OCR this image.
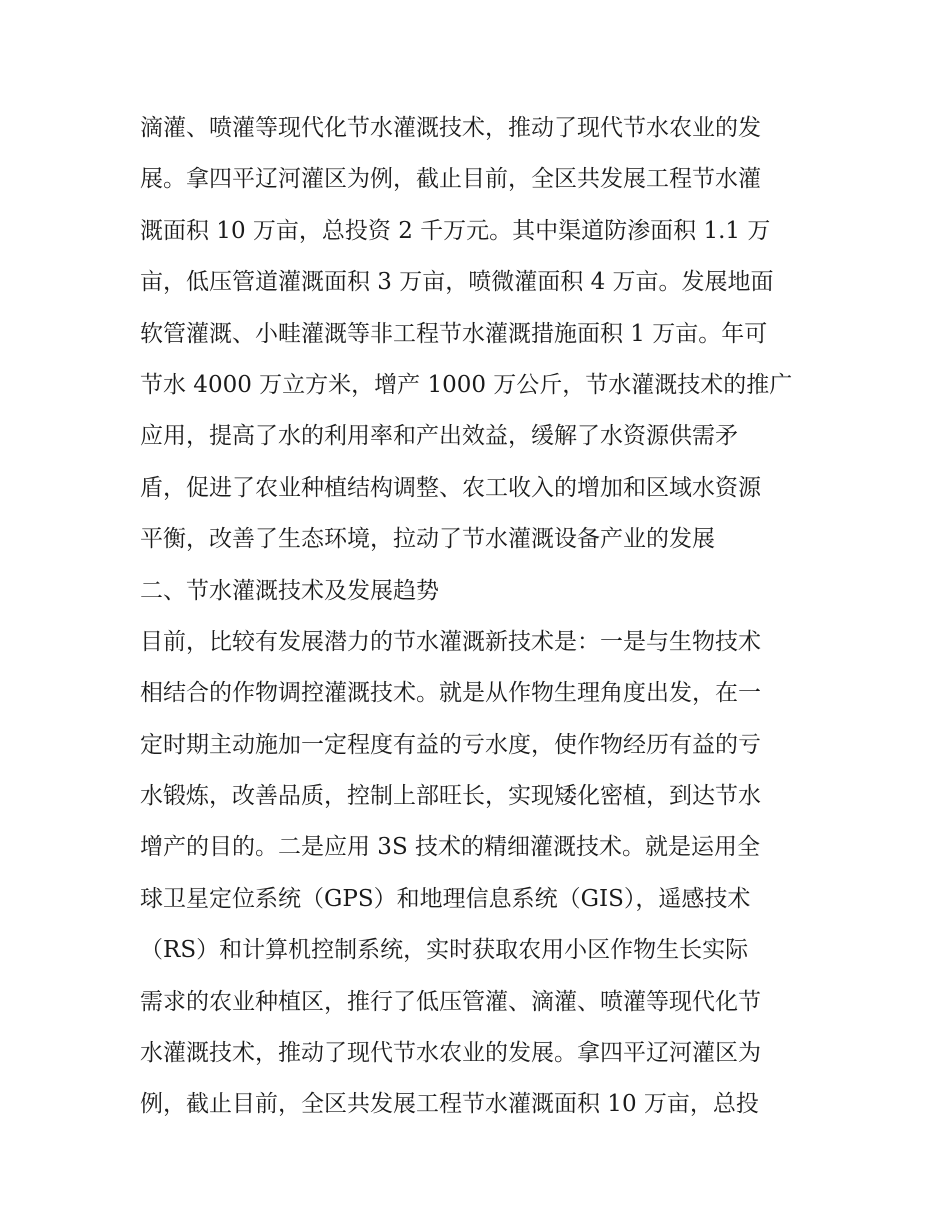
滴灌、喷灌等现代化节水灌溉技术，推动了现代节水农业的发
展。拿四平辽河灌区为例，截止目前，全区共发展工程节水灌
溉面积 10 万亩，总投资 2 千万元。其中渠道防渗面积 1.1 万
亩，低压管道灌溉面积 3 万亩，喷微灌面积 4 万亩。发展地面
软管灌溉、小畦灌溉等非工程节水灌溉措施面积 1 万亩。年可
节水 4000 万立方米，增产 1000 万公斤，节水灌溉技术的推广
应用，提高了水的利用率和产出效益，缓解了水资源供需矛
盾，促进了农业种植结构调整、农工收入的增加和区域水资源
平衡，改善了生态环境，拉动了节水灌溉设备产业的发展
二、节水灌溉技术及发展趋势
目前，比较有发展潜力的节水灌溉新技术是：一是与生物技术
相结合的作物调控灌溉技术。就是从作物生理角度出发，在一
定时期主动施加一定程度有益的亏水度，使作物经历有益的亏
水锻炼，改善品质，控制上部旺长，实现矮化密植，到达节水
增产的目的。二是应用 3S 技术的精细灌溉技术。就是运用全
球卫星定位系统（GPS）和地理信息系统（GIS），遥感技术
（RS）和计算机控制系统，实时获取农用小区作物生长实际
需求的农业种植区，推行了低压管灌、滴灌、喷灌等现代化节
水灌溉技术，推动了现代节水农业的发展。拿四平辽河灌区为
例，截止目前，全区共发展工程节水灌溉面积 10 万亩，总投
